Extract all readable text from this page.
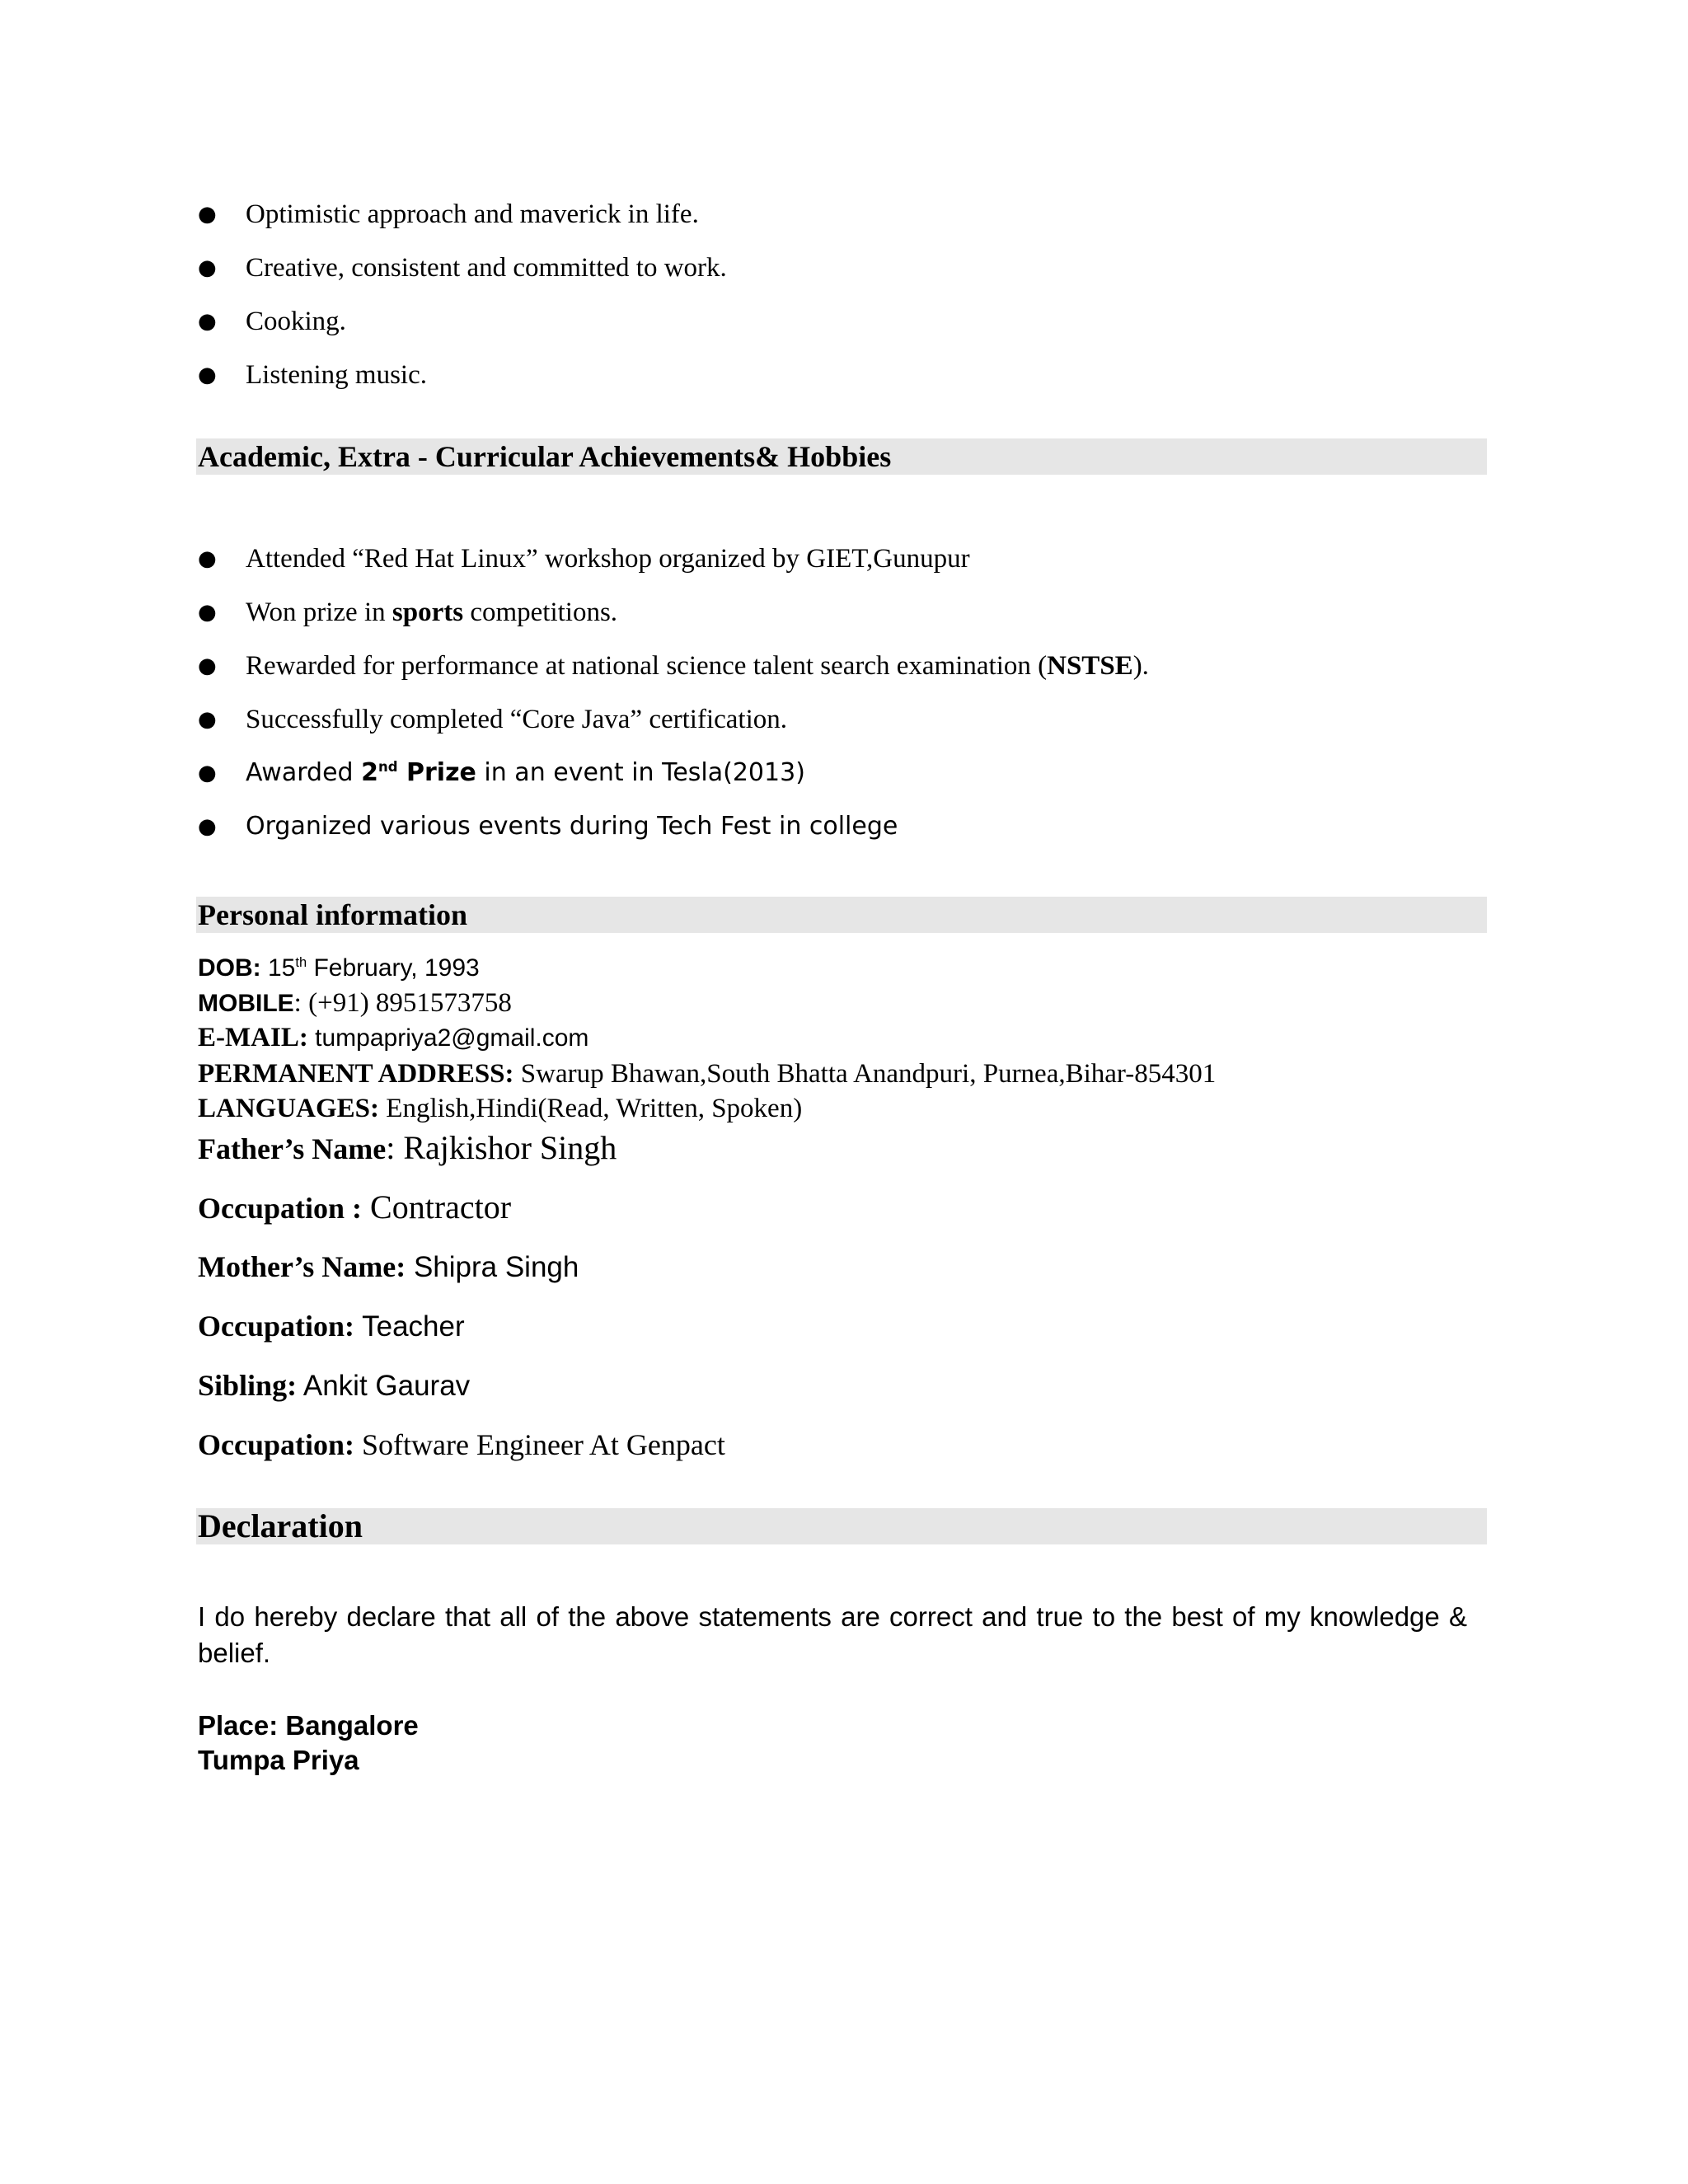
● Optimistic approach and maverick in life.
● Creative, consistent and committed to work.
● Cooking.
● Listening music.
Academic, Extra - Curricular Achievements& Hobbies
● Attended “Red Hat Linux” workshop organized by GIET,Gunupur
● Won prize in sports competitions.
● Rewarded for performance at national science talent search examination (NSTSE).
● Successfully completed “Core Java” certification.
● Awarded 2nd Prize in an event in Tesla(2013)
● Organized various events during Tech Fest in college
Personal information
DOB: 15th February, 1993
MOBILE: (+91) 8951573758
E-MAIL: tumpapriya2@gmail.com
PERMANENT ADDRESS: Swarup Bhawan,South Bhatta Anandpuri, Purnea,Bihar-854301
LANGUAGES: English,Hindi(Read, Written, Spoken)
Father’s Name: Rajkishor Singh
Occupation : Contractor
Mother’s Name: Shipra Singh
Occupation: Teacher
Sibling: Ankit Gaurav
Occupation: Software Engineer At Genpact
Declaration

I do hereby declare that all of the above statements are correct and true to the best of my knowledge & belief.

Place: Bangalore
Tumpa Priya
